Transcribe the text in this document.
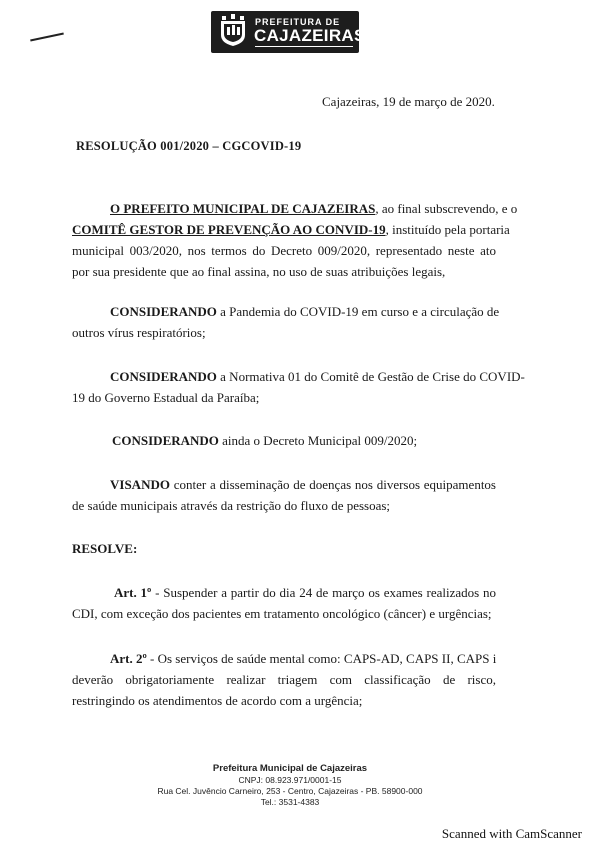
PREFEITURA DE
CAJAZEIRAS
Cajazeiras, 19 de março de 2020.
RESOLUÇÃO 001/2020 – CGCOVID-19
O PREFEITO MUNICIPAL DE CAJAZEIRAS, ao final subscrevendo, e o
COMITÊ GESTOR DE PREVENÇÃO AO CONVID-19, instituído pela portaria
municipal 003/2020, nos termos do Decreto 009/2020, representado neste ato
por sua presidente que ao final assina, no uso de suas atribuições legais,
CONSIDERANDO a Pandemia do COVID-19 em curso e a circulação de
outros vírus respiratórios;
CONSIDERANDO a Normativa 01 do Comitê de Gestão de Crise do COVID-
19 do Governo Estadual da Paraíba;
CONSIDERANDO ainda o Decreto Municipal 009/2020;
VISANDO conter a disseminação de doenças nos diversos equipamentos
de saúde municipais através da restrição do fluxo de pessoas;
RESOLVE:
Art. 1º - Suspender a partir do dia 24 de março os exames realizados no
CDI, com exceção dos pacientes em tratamento oncológico (câncer) e urgências;
Art. 2º - Os serviços de saúde mental como: CAPS-AD, CAPS II, CAPS i
deverão obrigatoriamente realizar triagem com classificação de risco,
restringindo os atendimentos de acordo com a urgência;
Prefeitura Municipal de Cajazeiras
CNPJ: 08.923.971/0001-15
Rua Cel. Juvêncio Carneiro, 253 - Centro, Cajazeiras - PB. 58900-000
Tel.: 3531-4383
Scanned with CamScanner
